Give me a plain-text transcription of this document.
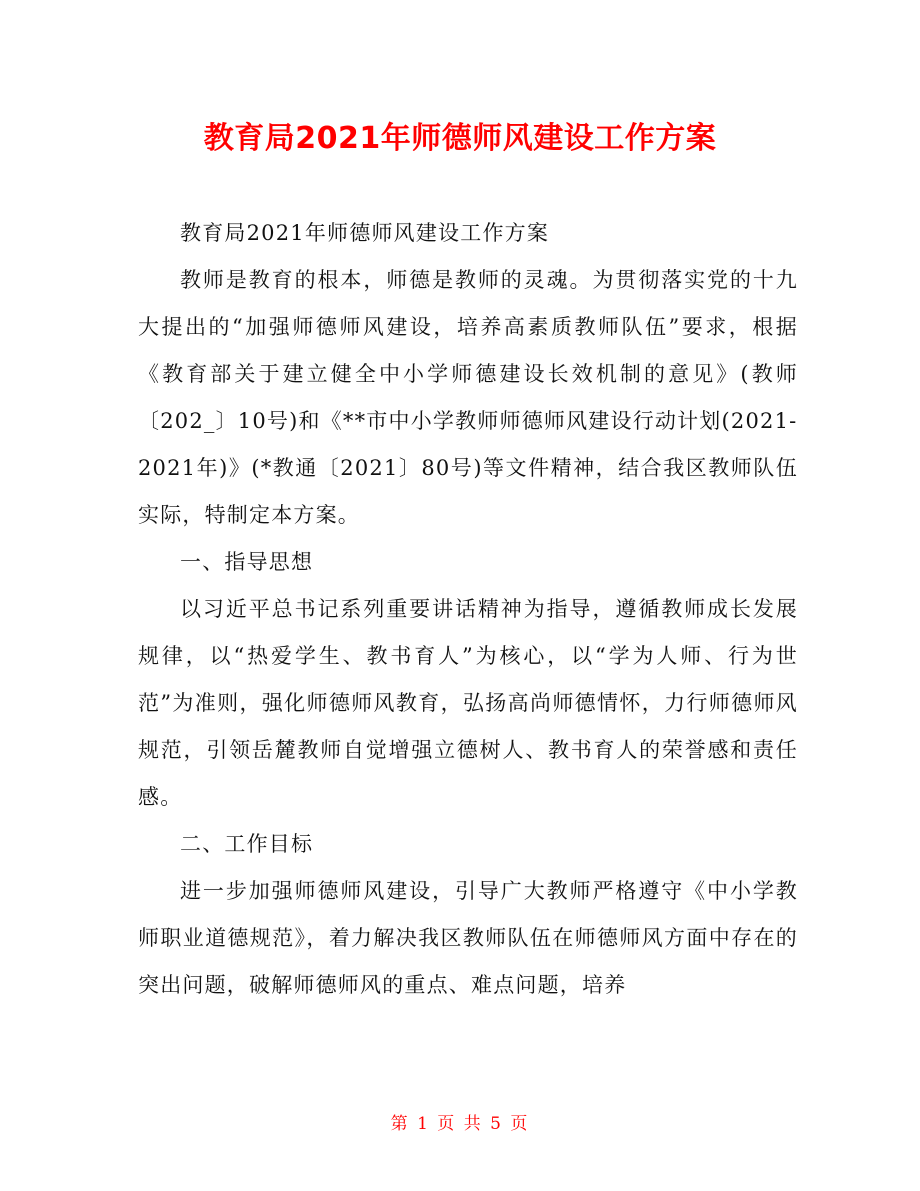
教育局2021年师德师风建设工作方案

教育局2021年师德师风建设工作方案

教师是教育的根本，师德是教师的灵魂。为贯彻落实党的十九大提出的“加强师德师风建设，培养高素质教师队伍”要求，根据《教育部关于建立健全中小学师德建设长效机制的意见》(教师〔202_〕10号)和《**市中小学教师师德师风建设行动计划(2021-

2021年)》(*教通〔2021〕80号)等文件精神，结合我区教师队伍实际，特制定本方案。

一、指导思想

以习近平总书记系列重要讲话精神为指导，遵循教师成长发展规律，以“热爱学生、教书育人”为核心，以“学为人师、行为世范”为准则，强化师德师风教育，弘扬高尚师德情怀，力行师德师风规范，引领岳麓教师自觉增强立德树人、教书育人的荣誉感和责任感。

二、工作目标

进一步加强师德师风建设，引导广大教师严格遵守《中小学教师职业道德规范》，着力解决我区教师队伍在师德师风方面中存在的突出问题，破解师德师风的重点、难点问题，培养

第 1 页 共 5 页
